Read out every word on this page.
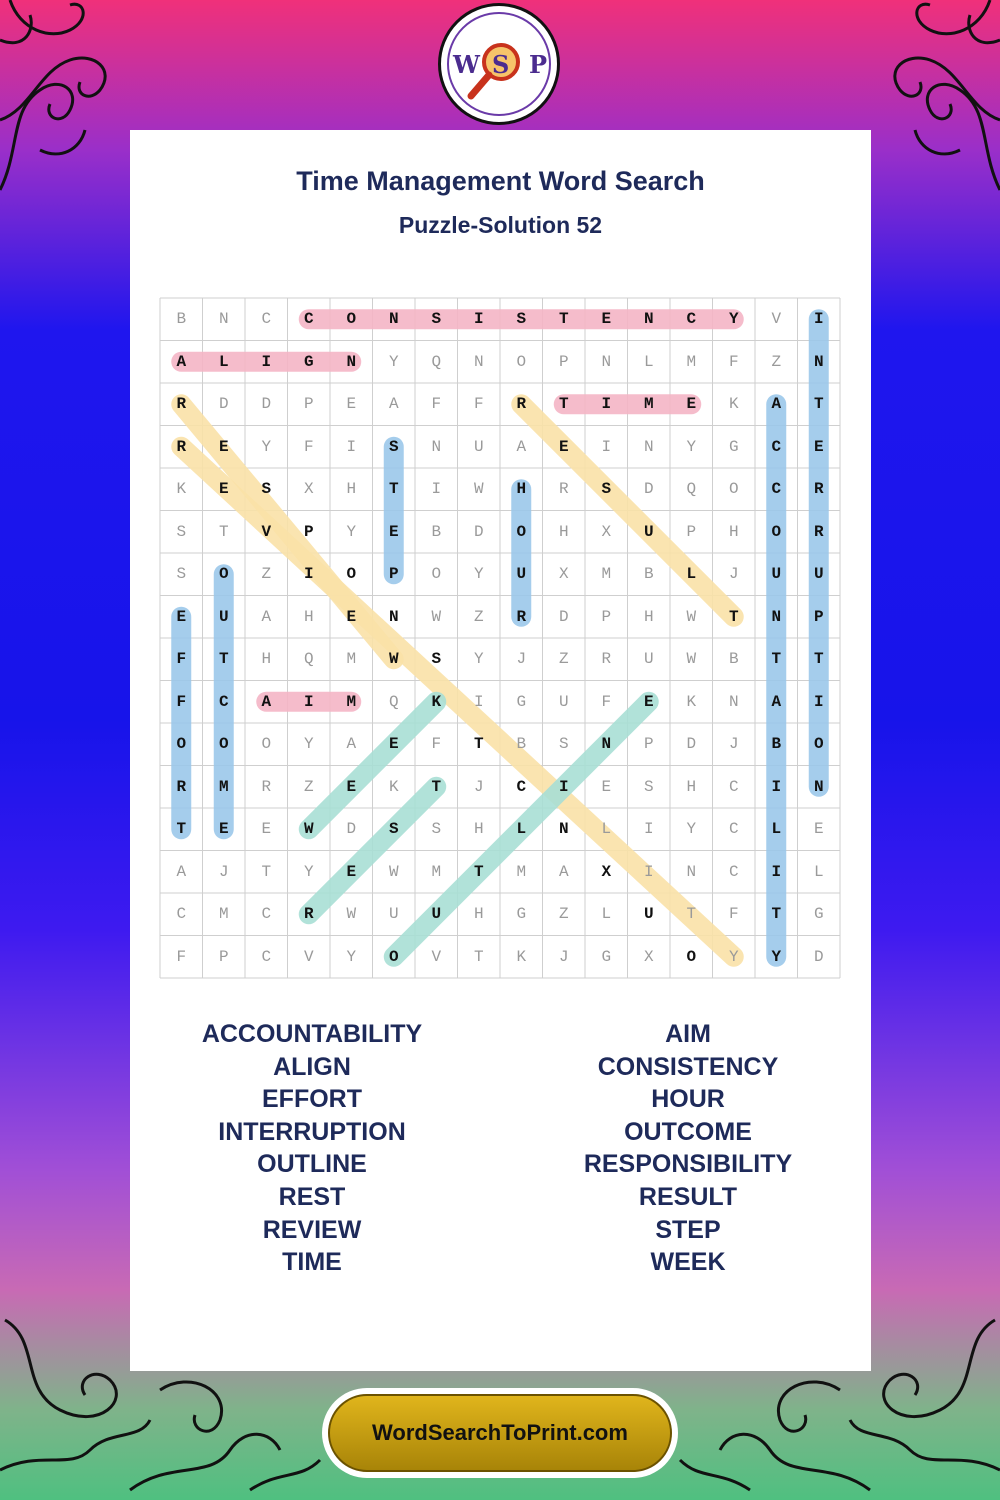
W S P
Time Management Word Search
Puzzle-Solution 52
B	N	C	C	O	N	S	I	S	T	E	N	C	Y	V	I
A	L	I	G	N	Y	Q	N	O	P	N	L	M	F	Z	N
R	D	D	P	E	A	F	F	R	T	I	M	E	K	A	T
R	E	Y	F	I	S	N	U	A	E	I	N	Y	G	C	E
K	E	S	X	H	T	I	W	H	R	S	D	Q	O	C	R
S	T	V	P	Y	E	B	D	O	H	X	U	P	H	O	R
S	O	Z	I	O	P	O	Y	U	X	M	B	L	J	U	U
E	U	A	H	E	N	W	Z	R	D	P	H	W	T	N	P
F	T	H	Q	M	W	S	Y	J	Z	R	U	W	B	T	T
F	C	A	I	M	Q	K	I	G	U	F	E	K	N	A	I
O	O	O	Y	A	E	F	T	B	S	N	P	D	J	B	O
R	M	R	Z	E	K	T	J	C	I	E	S	H	C	I	N
T	E	E	W	D	S	S	H	L	N	L	I	Y	C	L	E
A	J	T	Y	E	W	M	T	M	A	X	I	N	C	I	L
C	M	C	R	W	U	U	H	G	Z	L	U	T	F	T	G
F	P	C	V	Y	O	V	T	K	J	G	X	O	Y	Y	D
ACCOUNTABILITY
ALIGN
EFFORT
INTERRUPTION
OUTLINE
REST
REVIEW
TIME
AIM
CONSISTENCY
HOUR
OUTCOME
RESPONSIBILITY
RESULT
STEP
WEEK
WordSearchToPrint.com
